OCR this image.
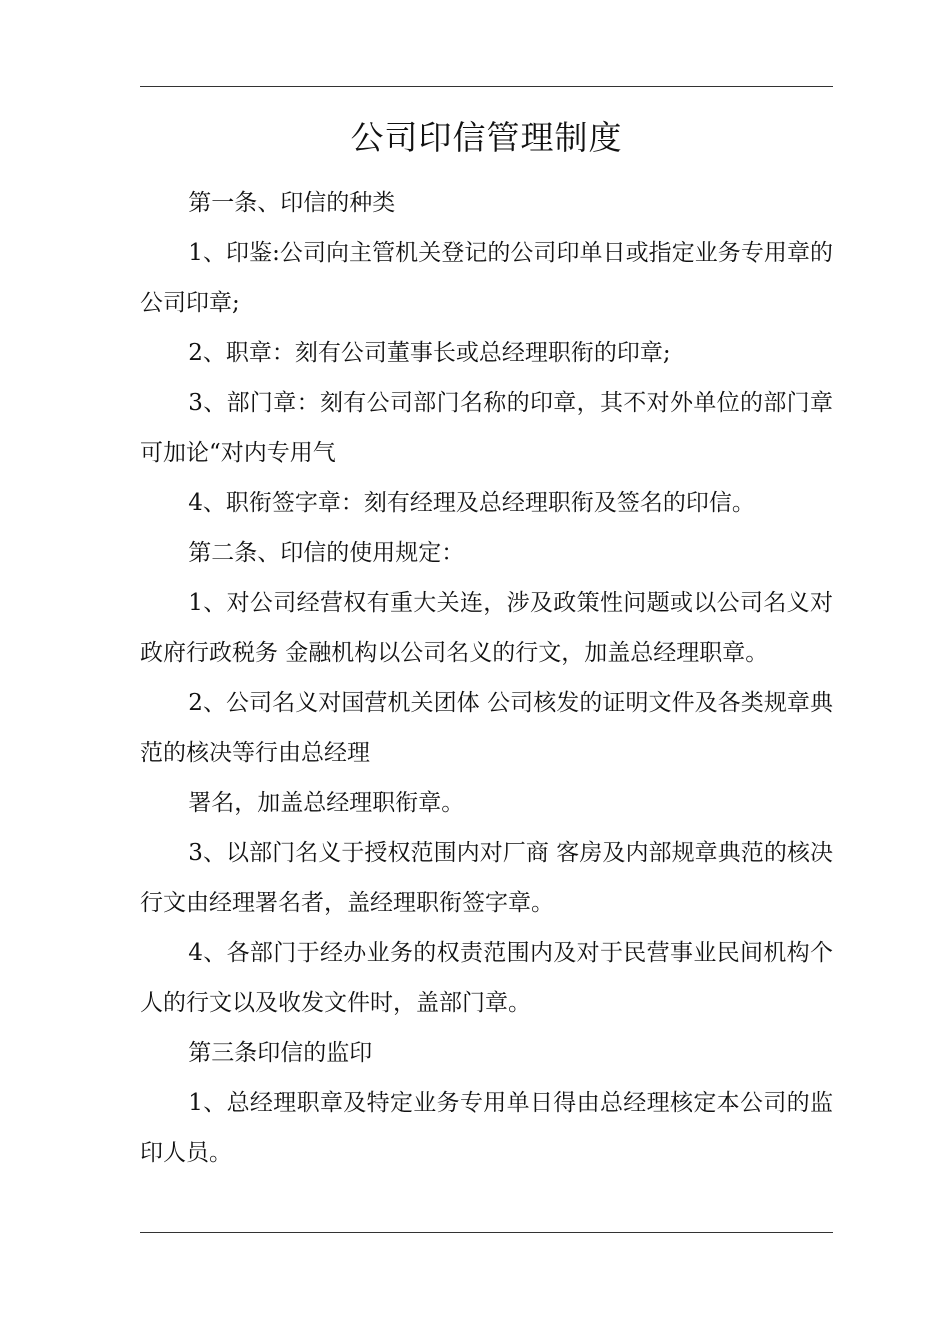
公司印信管理制度

第一条、印信的种类

1、印鉴:公司向主管机关登记的公司印单日或指定业务专用章的公司印章;

2、职章：刻有公司董事长或总经理职衔的印章;

3、部门章：刻有公司部门名称的印章，其不对外单位的部门章可加论“对内专用气

4、职衔签字章：刻有经理及总经理职衔及签名的印信。

第二条、印信的使用规定：

1、对公司经营权有重大关连，涉及政策性问题或以公司名义对政府行政税务 金融机构以公司名义的行文，加盖总经理职章。

2、公司名义对国营机关团体 公司核发的证明文件及各类规章典范的核决等行由总经理

署名，加盖总经理职衔章。

3、以部门名义于授权范围内对厂商 客房及内部规章典范的核决行文由经理署名者，盖经理职衔签字章。

4、各部门于经办业务的权责范围内及对于民营事业民间机构个人的行文以及收发文件时，盖部门章。

第三条印信的监印

1、总经理职章及特定业务专用单日得由总经理核定本公司的监印人员。
